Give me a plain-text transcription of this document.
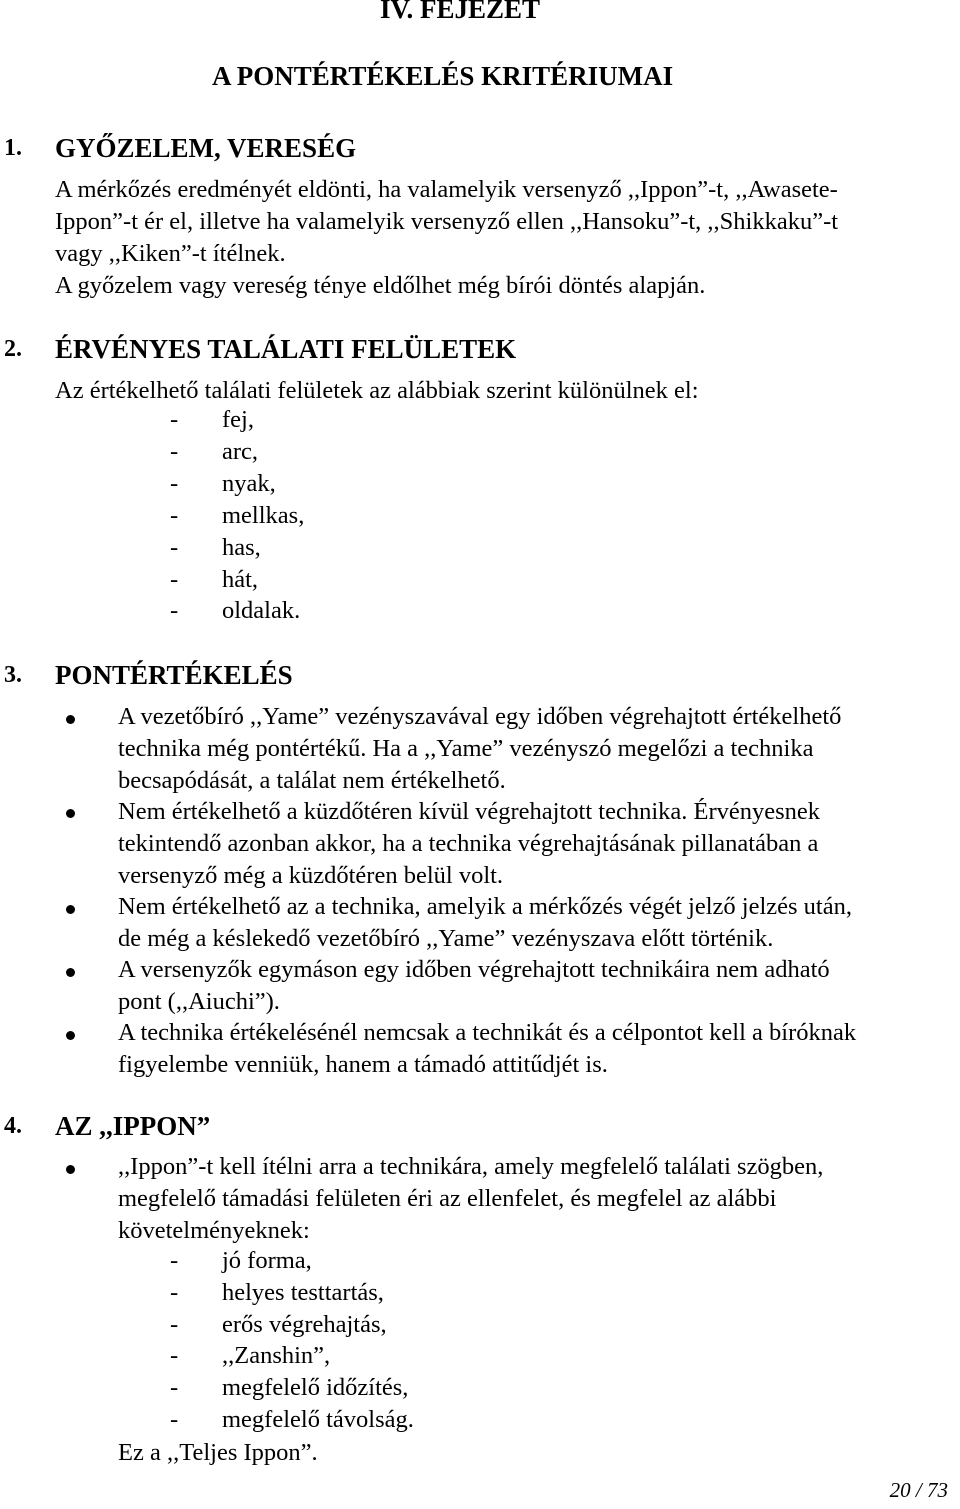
IV. FEJEZET
A PONTÉRTÉKELÉS KRITÉRIUMAI
1. GYŐZELEM, VERESÉG
A mérkőzés eredményét eldönti, ha valamelyik versenyző ,,Ippon”-t, ,,Awasete-
Ippon”-t ér el, illetve ha valamelyik versenyző ellen ,,Hansoku”-t, ,,Shikkaku”-t
vagy ,,Kiken”-t ítélnek.
A győzelem vagy vereség ténye eldőlhet még bírói döntés alapján.
2. ÉRVÉNYES TALÁLATI FELÜLETEK
Az értékelhető találati felületek az alábbiak szerint különülnek el:
- fej,
- arc,
- nyak,
- mellkas,
- has,
- hát,
- oldalak.
3. PONTÉRTÉKELÉS
A vezetőbíró ,,Yame” vezényszavával egy időben végrehajtott értékelhető
technika még pontértékű. Ha a ,,Yame” vezényszó megelőzi a technika
becsapódását, a találat nem értékelhető.
Nem értékelhető a küzdőtéren kívül végrehajtott technika. Érvényesnek
tekintendő azonban akkor, ha a technika végrehajtásának pillanatában a
versenyző még a küzdőtéren belül volt.
Nem értékelhető az a technika, amelyik a mérkőzés végét jelző jelzés után,
de még a késlekedő vezetőbíró ,,Yame” vezényszava előtt történik.
A versenyzők egymáson egy időben végrehajtott technikáira nem adható
pont (,,Aiuchi”).
A technika értékelésénél nemcsak a technikát és a célpontot kell a bíróknak
figyelembe venniük, hanem a támadó attitűdjét is.
4. AZ ,,IPPON”
,,Ippon”-t kell ítélni arra a technikára, amely megfelelő találati szögben,
megfelelő támadási felületen éri az ellenfelet, és megfelel az alábbi
követelményeknek:
- jó forma,
- helyes testtartás,
- erős végrehajtás,
- ,,Zanshin”,
- megfelelő időzítés,
- megfelelő távolság.
Ez a ,,Teljes Ippon”.
20 / 73
